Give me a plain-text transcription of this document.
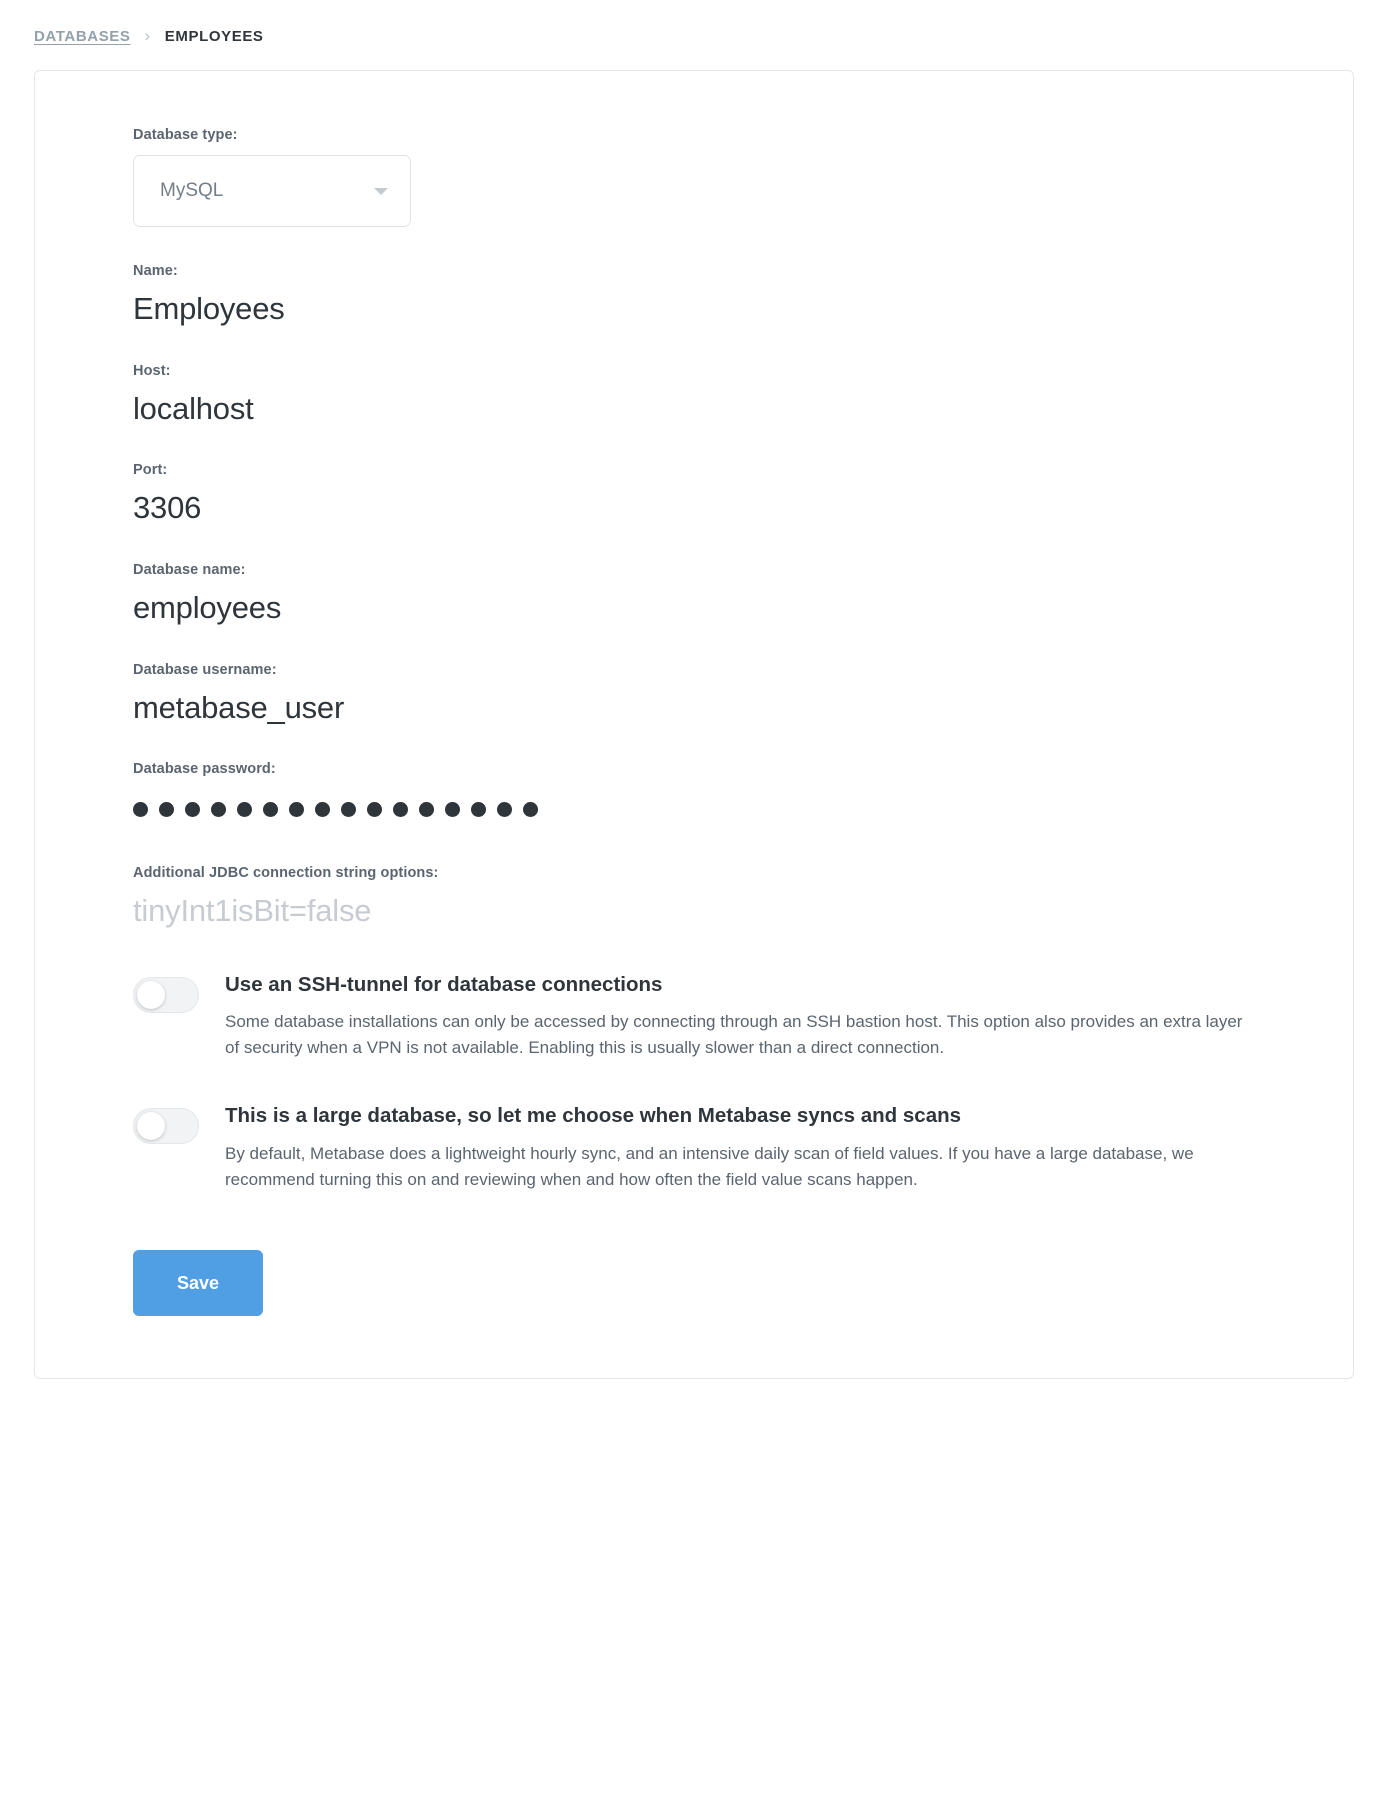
DATABASES › EMPLOYEES
Database type:
MySQL
Name:
Employees
Host:
localhost
Port:
3306
Database name:
employees
Database username:
metabase_user
Database password:
Additional JDBC connection string options:
tinyInt1isBit=false
Use an SSH-tunnel for database connections
Some database installations can only be accessed by connecting through an SSH bastion host. This option also provides an extra layer of security when a VPN is not available. Enabling this is usually slower than a direct connection.
This is a large database, so let me choose when Metabase syncs and scans
By default, Metabase does a lightweight hourly sync, and an intensive daily scan of field values. If you have a large database, we recommend turning this on and reviewing when and how often the field value scans happen.
Save
